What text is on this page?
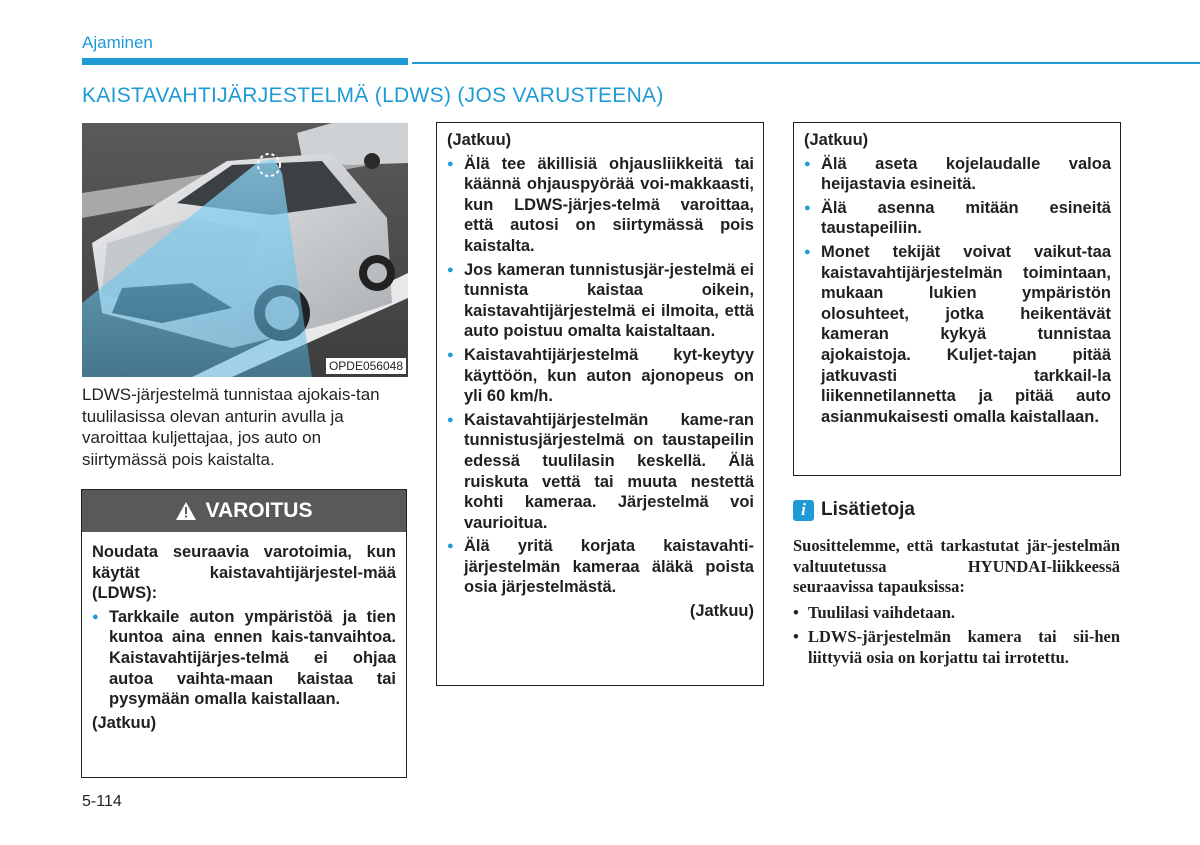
Ajaminen
KAISTAVAHTIJÄRJESTELMÄ (LDWS) (JOS VARUSTEENA)
OPDE056048
LDWS-järjestelmä tunnistaa ajokais-tan tuulilasissa olevan anturin avulla ja varoittaa kuljettajaa, jos auto on siirtymässä pois kaistalta.
VAROITUS

Noudata seuraavia varotoimia, kun käytät kaistavahtijärjestel-mää (LDWS):

● Tarkkaile auton ympäristöä ja tien kuntoa aina ennen kais-tanvaihtoa. Kaistavahtijärjes-telmä ei ohjaa autoa vaihta-maan kaistaa tai pysymään omalla kaistallaan.

(Jatkuu)

(Jatkuu)

● Älä tee äkillisiä ohjausliikkeitä tai käännä ohjauspyörää voi-makkaasti, kun LDWS-järjes-telmä varoittaa, että autosi on siirtymässä pois kaistalta.
● Jos kameran tunnistusjär-jestelmä ei tunnista kaistaa oikein, kaistavahtijärjestelmä ei ilmoita, että auto poistuu omalta kaistaltaan.
● Kaistavahtijärjestelmä kyt-keytyy käyttöön, kun auton ajonopeus on yli 60 km/h.
● Kaistavahtijärjestelmän kame-ran tunnistusjärjestelmä on taustapeilin edessä tuulilasin keskellä. Älä ruiskuta vettä tai muuta nestettä kohti kameraa. Järjestelmä voi vaurioitua.
● Älä yritä korjata kaistavahti-järjestelmän kameraa äläkä poista osia järjestelmästä.

(Jatkuu)

(Jatkuu)

● Älä aseta kojelaudalle valoa heijastavia esineitä.
● Älä asenna mitään esineitä taustapeiliin.
● Monet tekijät voivat vaikut-taa kaistavahtijärjestelmän toimintaan, mukaan lukien ympäristön olosuhteet, jotka heikentävät kameran kykyä tunnistaa ajokaistoja. Kuljet-tajan pitää jatkuvasti tarkkail-la liikennetilannetta ja pitää auto asianmukaisesti omalla kaistallaan.
i Lisätietoja

Suosittelemme, että tarkastutat jär-jestelmän valtuutetussa HYUNDAI-liikkeessä seuraavissa tapauksissa:

• Tuulilasi vaihdetaan.
• LDWS-järjestelmän kamera tai sii-hen liittyviä osia on korjattu tai irrotettu.
5-114
